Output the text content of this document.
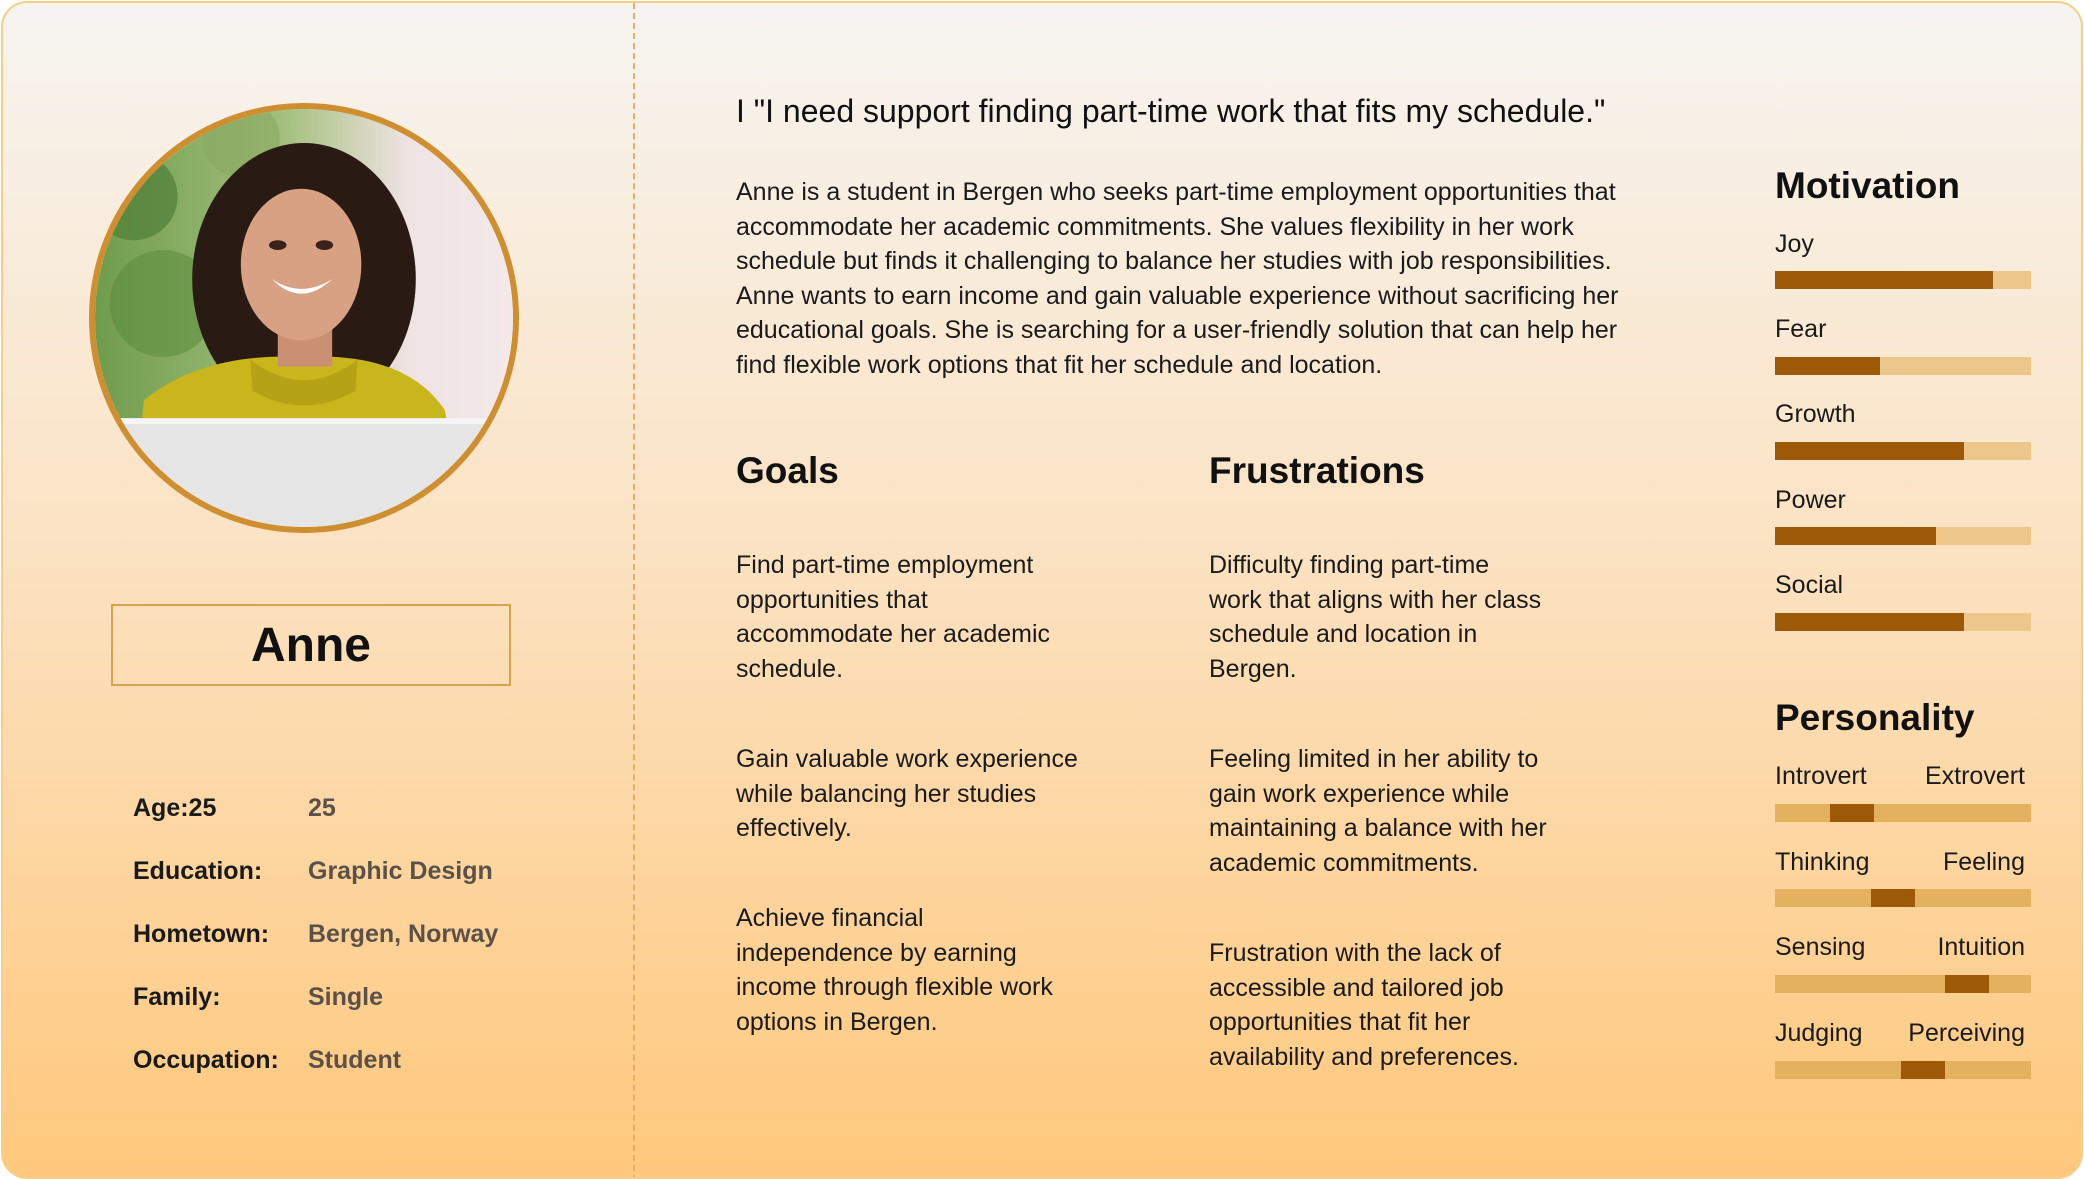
Anne
Age:25	25
Education: Graphic Design
Hometown: Bergen, Norway
Family:	Single
Occupation: Student
I "I need support finding part-time work that fits my schedule."
Anne is a student in Bergen who seeks part-time employment opportunities that
accommodate her academic commitments. She values flexibility in her work
schedule but finds it challenging to balance her studies with job responsibilities.
Anne wants to earn income and gain valuable experience without sacrificing her
educational goals. She is searching for a user-friendly solution that can help her
find flexible work options that fit her schedule and location.
Goals
Find part-time employment
opportunities that
accommodate her academic
schedule.
Gain valuable work experience
while balancing her studies
effectively.
Achieve financial
independence by earning
income through flexible work
options in Bergen.
Frustrations
Difficulty finding part-time
work that aligns with her class
schedule and location in
Bergen.
Feeling limited in her ability to
gain work experience while
maintaining a balance with her
academic commitments.
Frustration with the lack of
accessible and tailored job
opportunities that fit her
availability and preferences.
Motivation
Joy
Fear
Growth
Power
Social
Personality
Introvert Extrovert
Thinking	Feeling
Sensing	Intuition
Judging Perceiving
